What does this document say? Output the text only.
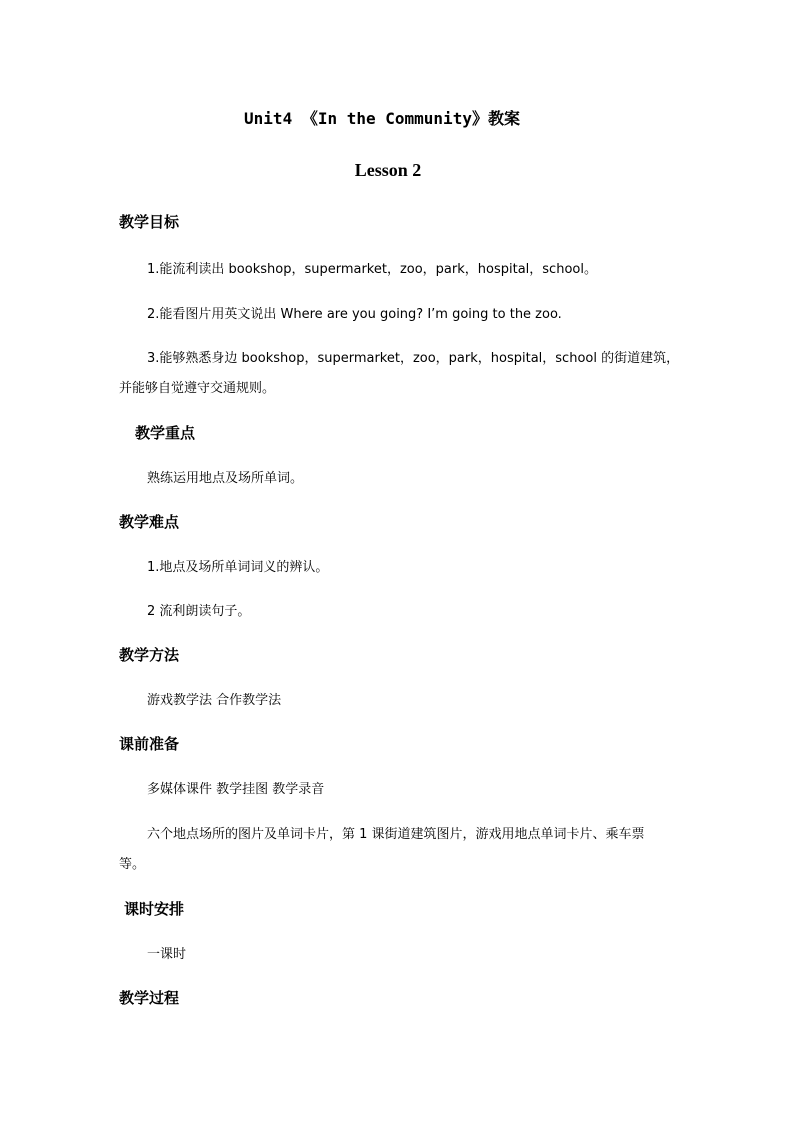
Unit4 《In the Community》教案
Lesson 2
教学目标
1.能流利读出 bookshop，supermarket，zoo，park，hospital，school。
2.能看图片用英文说出 Where are you going? I’m going to the zoo.
3.能够熟悉身边 bookshop，supermarket，zoo，park，hospital，school 的街道建筑，
并能够自觉遵守交通规则。
教学重点
熟练运用地点及场所单词。
教学难点
1.地点及场所单词词义的辨认。
2 流利朗读句子。
教学方法
游戏教学法 合作教学法
课前准备
多媒体课件 教学挂图 教学录音
六个地点场所的图片及单词卡片，第 1 课街道建筑图片，游戏用地点单词卡片、乘车票
等。
课时安排
一课时
教学过程
